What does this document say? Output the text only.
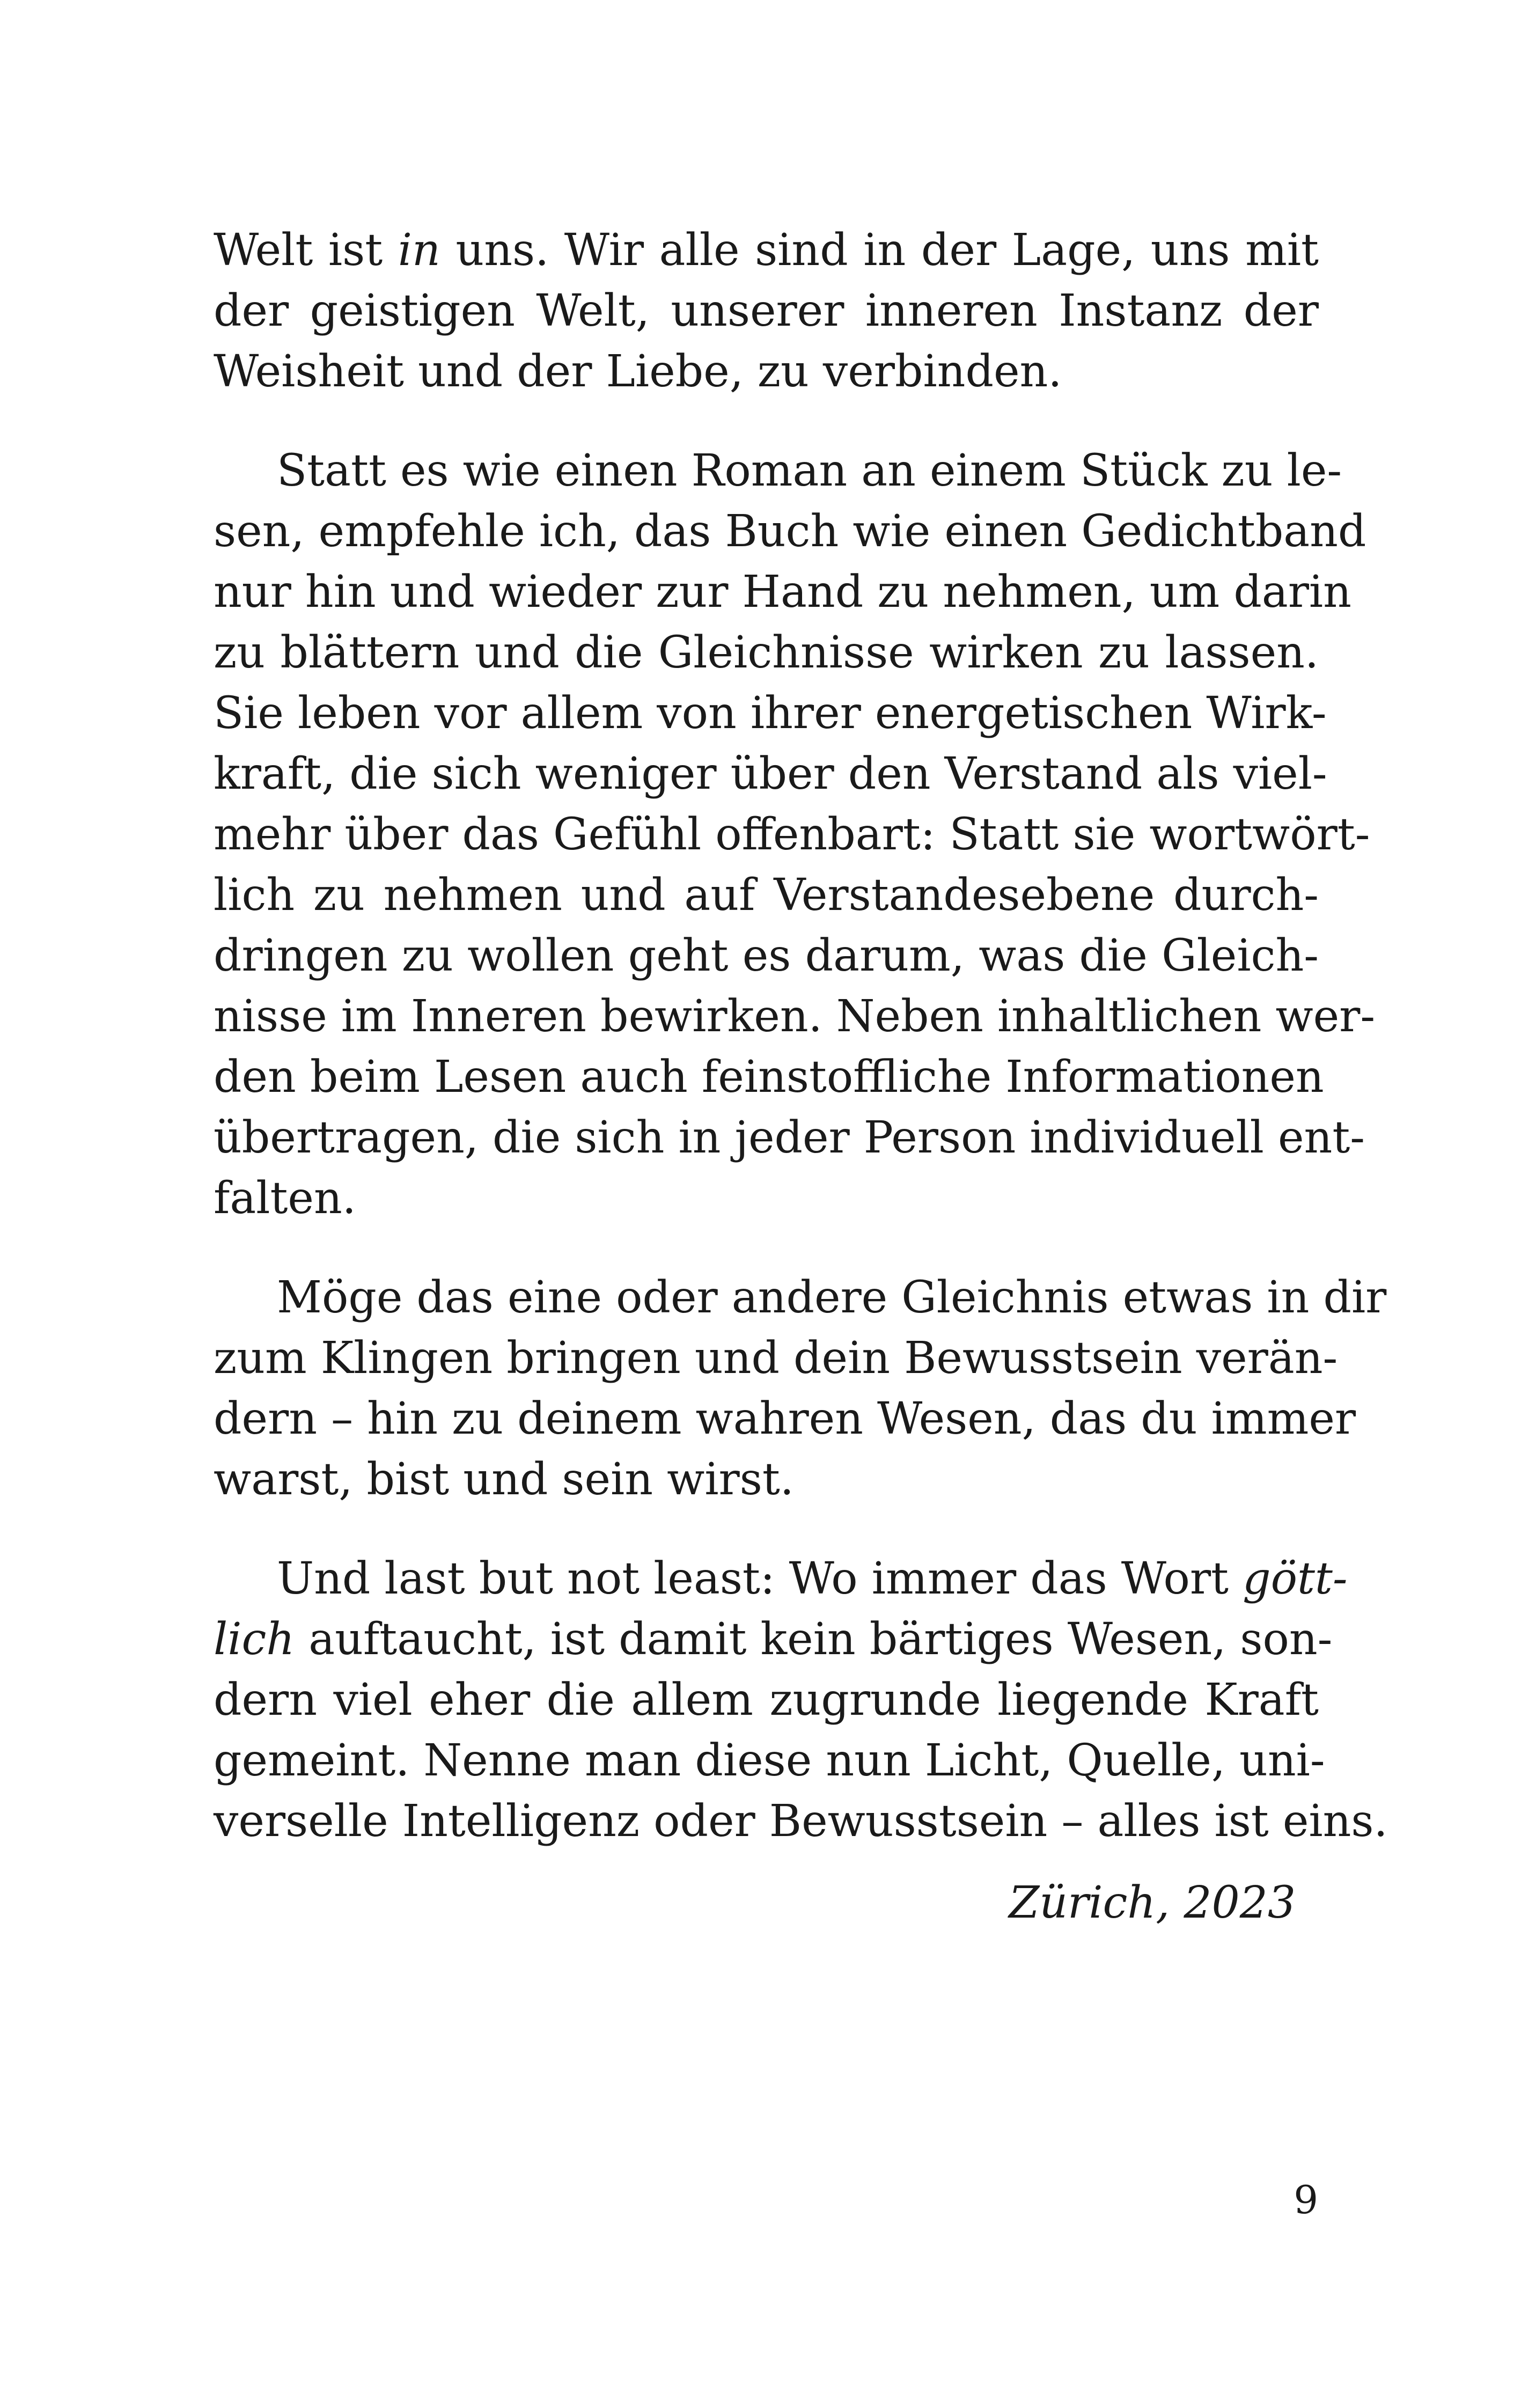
Welt ist in uns. Wir alle sind in der Lage, uns mit
der geistigen Welt, unserer inneren Instanz der
Weisheit und der Liebe, zu verbinden.
Statt es wie einen Roman an einem Stück zu le-
sen, empfehle ich, das Buch wie einen Gedichtband
nur hin und wieder zur Hand zu nehmen, um darin
zu blättern und die Gleichnisse wirken zu lassen.
Sie leben vor allem von ihrer energetischen Wirk-
kraft, die sich weniger über den Verstand als viel-
mehr über das Gefühl offenbart: Statt sie wortwört-
lich zu nehmen und auf Verstandesebene durch-
dringen zu wollen geht es darum, was die Gleich-
nisse im Inneren bewirken. Neben inhaltlichen wer-
den beim Lesen auch feinstoffliche Informationen
übertragen, die sich in jeder Person individuell ent-
falten.
Möge das eine oder andere Gleichnis etwas in dir
zum Klingen bringen und dein Bewusstsein verän-
dern – hin zu deinem wahren Wesen, das du immer
warst, bist und sein wirst.
Und last but not least: Wo immer das Wort gött-
lich auftaucht, ist damit kein bärtiges Wesen, son-
dern viel eher die allem zugrunde liegende Kraft
gemeint. Nenne man diese nun Licht, Quelle, uni-
verselle Intelligenz oder Bewusstsein – alles ist eins.
Zürich, 2023
9
